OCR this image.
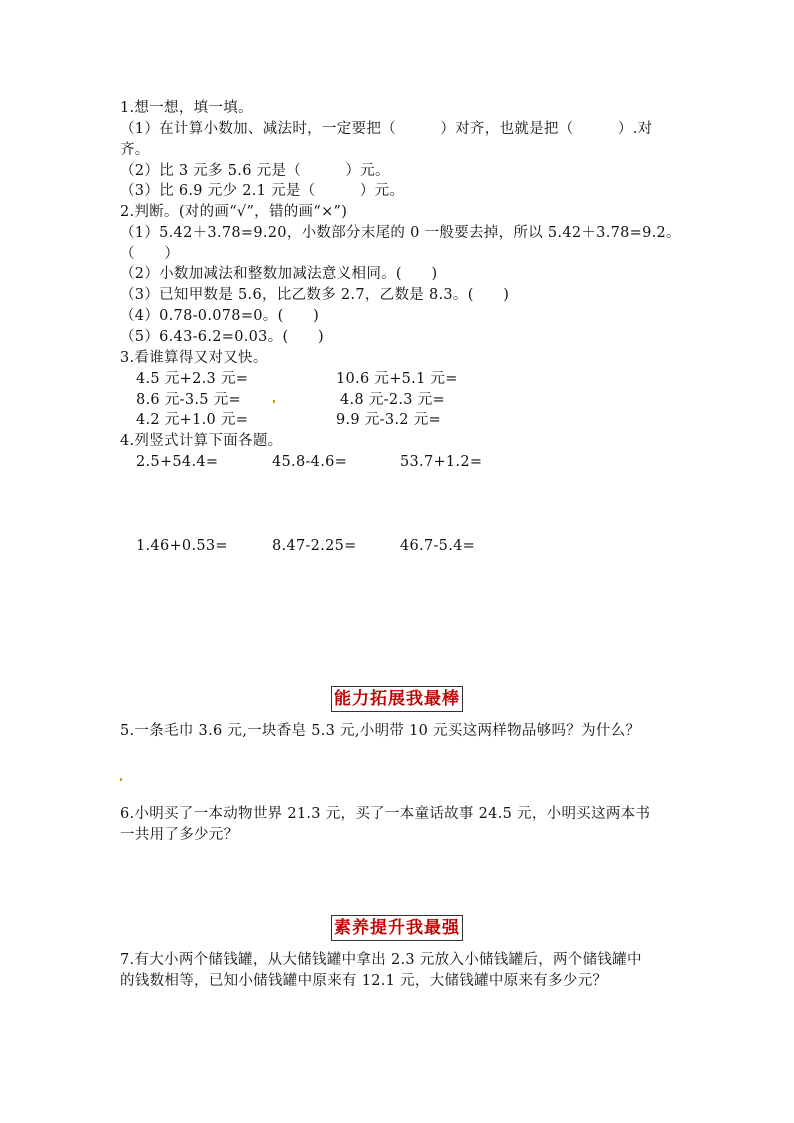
1.想一想，填一填。
（1）在计算小数加、减法时，一定要把（　　　）对齐，也就是把（　　　）.对
齐。
（2）比 3 元多 5.6 元是（　　　）元。
（3）比 6.9 元少 2.1 元是（　　　）元。
2.判断。(对的画“√”，错的画“×”)
（1）5.42＋3.78=9.20，小数部分末尾的 0 一般要去掉，所以 5.42＋3.78=9.2。
（　　）
（2）小数加减法和整数加减法意义相同。(　　)
（3）已知甲数是 5.6，比乙数多 2.7，乙数是 8.3。(　　)
（4）0.78-0.078=0。(　　)
（5）6.43-6.2=0.03。(　　)
3.看谁算得又对又快。
4.5 元+2.3 元=	10.6 元+5.1 元=
8.6 元-3.5 元=	4.8 元-2.3 元=
4.2 元+1.0 元=	9.9 元-3.2 元=
4.列竖式计算下面各题。
2.5+54.4=	45.8-4.6=	53.7+1.2=
1.46+0.53=	8.47-2.25=	46.7-5.4=
能力拓展我最棒
5.一条毛巾 3.6 元,一块香皂 5.3 元,小明带 10 元买这两样物品够吗？为什么？
6.小明买了一本动物世界 21.3 元，买了一本童话故事 24.5 元，小明买这两本书
一共用了多少元？
素养提升我最强
7.有大小两个储钱罐，从大储钱罐中拿出 2.3 元放入小储钱罐后，两个储钱罐中
的钱数相等，已知小储钱罐中原来有 12.1 元，大储钱罐中原来有多少元？
